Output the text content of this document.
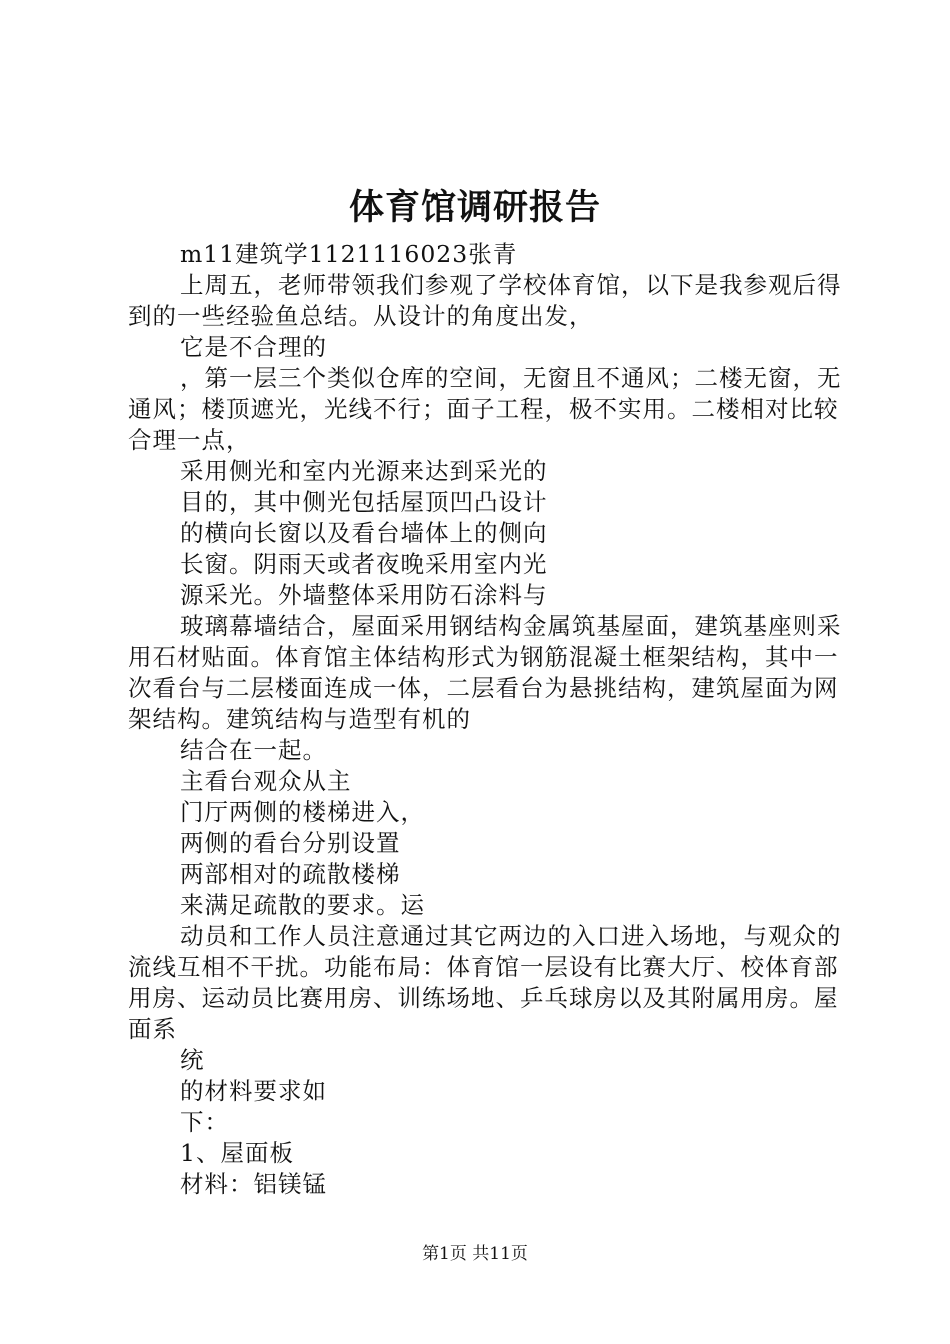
体育馆调研报告

m11建筑学1121116023张青

上周五，老师带领我们参观了学校体育馆，以下是我参观后得到的一些经验鱼总结。从设计的角度出发，

它是不合理的

，第一层三个类似仓库的空间，无窗且不通风；二楼无窗，无通风；楼顶遮光，光线不行；面子工程，极不实用。二楼相对比较合理一点，

采用侧光和室内光源来达到采光的

目的，其中侧光包括屋顶凹凸设计

的横向长窗以及看台墙体上的侧向

长窗。阴雨天或者夜晚采用室内光

源采光。外墙整体采用防石涂料与

玻璃幕墙结合，屋面采用钢结构金属筑基屋面，建筑基座则采用石材贴面。体育馆主体结构形式为钢筋混凝土框架结构，其中一次看台与二层楼面连成一体，二层看台为悬挑结构，建筑屋面为网架结构。建筑结构与造型有机的

结合在一起。

主看台观众从主

门厅两侧的楼梯进入，

两侧的看台分别设置

两部相对的疏散楼梯

来满足疏散的要求。运

动员和工作人员注意通过其它两边的入口进入场地，与观众的流线互相不干扰。功能布局：体育馆一层设有比赛大厅、校体育部用房、运动员比赛用房、训练场地、乒乓球房以及其附属用房。屋面系

统

的材料要求如

下：

1、屋面板

材料：铝镁锰

第1页 共11页
